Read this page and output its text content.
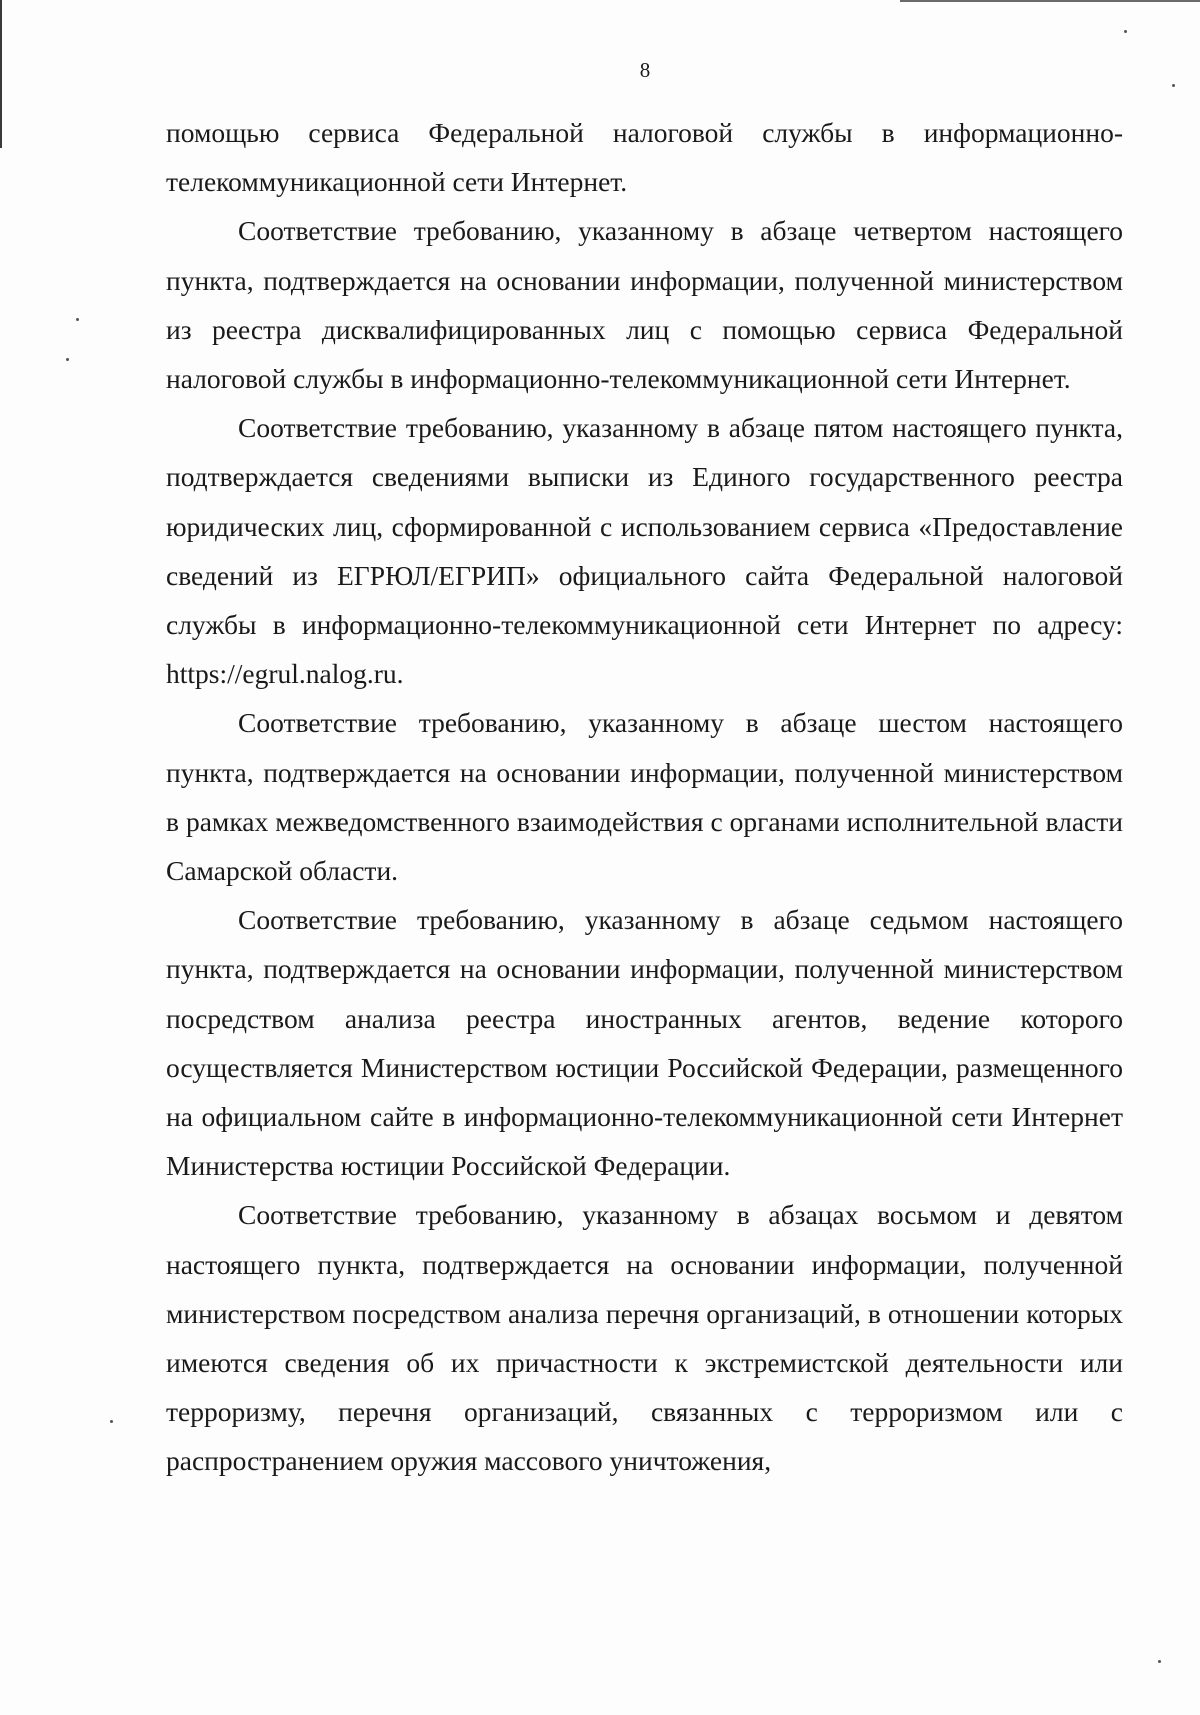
8

помощью сервиса Федеральной налоговой службы в информационно-телекоммуникационной сети Интернет.

Соответствие требованию, указанному в абзаце четвертом настоящего пункта, подтверждается на основании информации, полученной министерством из реестра дисквалифицированных лиц с помощью сервиса Федеральной налоговой службы в информационно-телекоммуникационной сети Интернет.

Соответствие требованию, указанному в абзаце пятом настоящего пункта, подтверждается сведениями выписки из Единого государственного реестра юридических лиц, сформированной с использованием сервиса «Предоставление сведений из ЕГРЮЛ/ЕГРИП» официального сайта Федеральной налоговой службы в информационно-телекоммуникационной сети Интернет по адресу: https://egrul.nalog.ru.

Соответствие требованию, указанному в абзаце шестом настоящего пункта, подтверждается на основании информации, полученной министерством в рамках межведомственного взаимодействия с органами исполнительной власти Самарской области.

Соответствие требованию, указанному в абзаце седьмом настоящего пункта, подтверждается на основании информации, полученной министерством посредством анализа реестра иностранных агентов, ведение которого осуществляется Министерством юстиции Российской Федерации, размещенного на официальном сайте в информационно-телекоммуникационной сети Интернет Министерства юстиции Российской Федерации.

Соответствие требованию, указанному в абзацах восьмом и девятом настоящего пункта, подтверждается на основании информации, полученной министерством посредством анализа перечня организаций, в отношении которых имеются сведения об их причастности к экстремистской деятельности или терроризму, перечня организаций, связанных с терроризмом или с распространением оружия массового уничтожения,
